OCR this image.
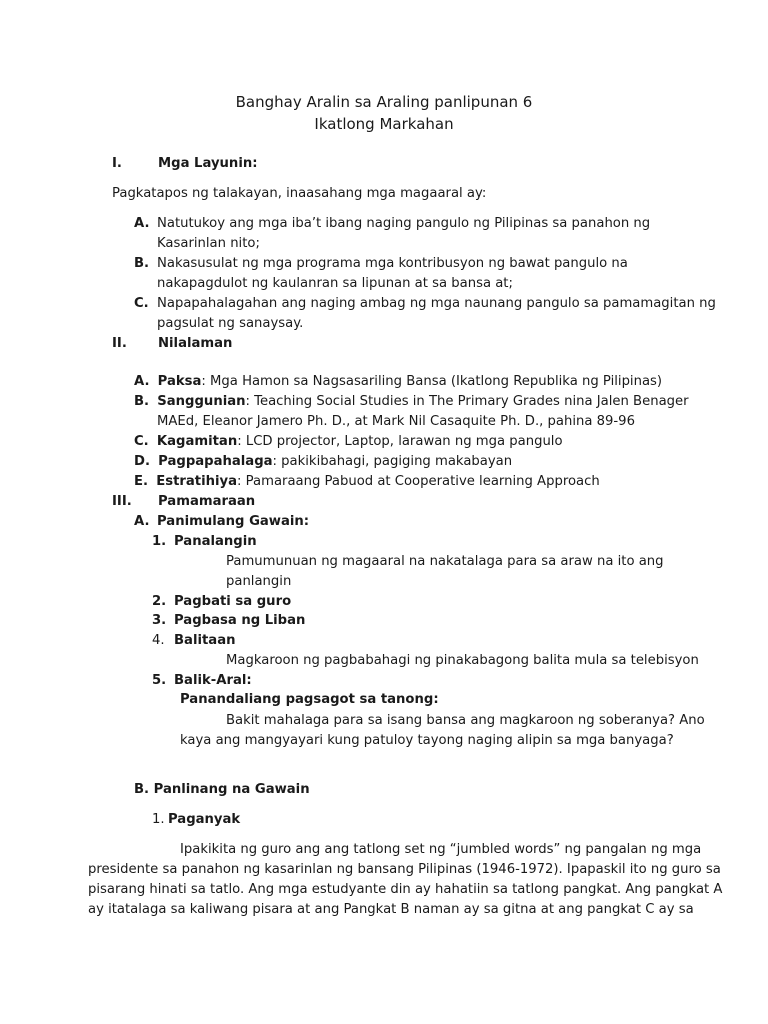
Banghay Aralin sa Araling panlipunan 6
Ikatlong Markahan
I.	Mga Layunin:
Pagkatapos ng talakayan, inaasahang mga magaaral ay:
A. Natutukoy ang mga iba’t ibang naging pangulo ng Pilipinas sa panahon ng
Kasarinlan nito;
B. Nakasusulat ng mga programa mga kontribusyon ng bawat pangulo na
nakapagdulot ng kaulanran sa lipunan at sa bansa at;
C. Napapahalagahan ang naging ambag ng mga naunang pangulo sa pamamagitan ng
pagsulat ng sanaysay.
II. Nilalaman
A. Paksa: Mga Hamon sa Nagsasariling Bansa (Ikatlong Republika ng Pilipinas)
B. Sanggunian: Teaching Social Studies in The Primary Grades nina Jalen Benager
MAEd, Eleanor Jamero Ph. D., at Mark Nil Casaquite Ph. D., pahina 89-96
C. Kagamitan: LCD projector, Laptop, larawan ng mga pangulo
D. Pagpapahalaga: pakikibahagi, pagiging makabayan
E. Estratihiya: Pamaraang Pabuod at Cooperative learning Approach
III. Pamamaraan
A. Panimulang Gawain:
1. Panalangin
Pamumunuan ng magaaral na nakatalaga para sa araw na ito ang
panlangin
2. Pagbati sa guro
3. Pagbasa ng Liban
4. Balitaan
Magkaroon ng pagbabahagi ng pinakabagong balita mula sa telebisyon
5. Balik-Aral:
Panandaliang pagsagot sa tanong:
Bakit mahalaga para sa isang bansa ang magkaroon ng soberanya? Ano
kaya ang mangyayari kung patuloy tayong naging alipin sa mga banyaga?
B. Panlinang na Gawain
1. Paganyak
Ipakikita ng guro ang ang tatlong set ng “jumbled words” ng pangalan ng mga
presidente sa panahon ng kasarinlan ng bansang Pilipinas (1946-1972). Ipapaskil ito ng guro sa
pisarang hinati sa tatlo. Ang mga estudyante din ay hahatiin sa tatlong pangkat. Ang pangkat A
ay itatalaga sa kaliwang pisara at ang Pangkat B naman ay sa gitna at ang pangkat C ay sa
